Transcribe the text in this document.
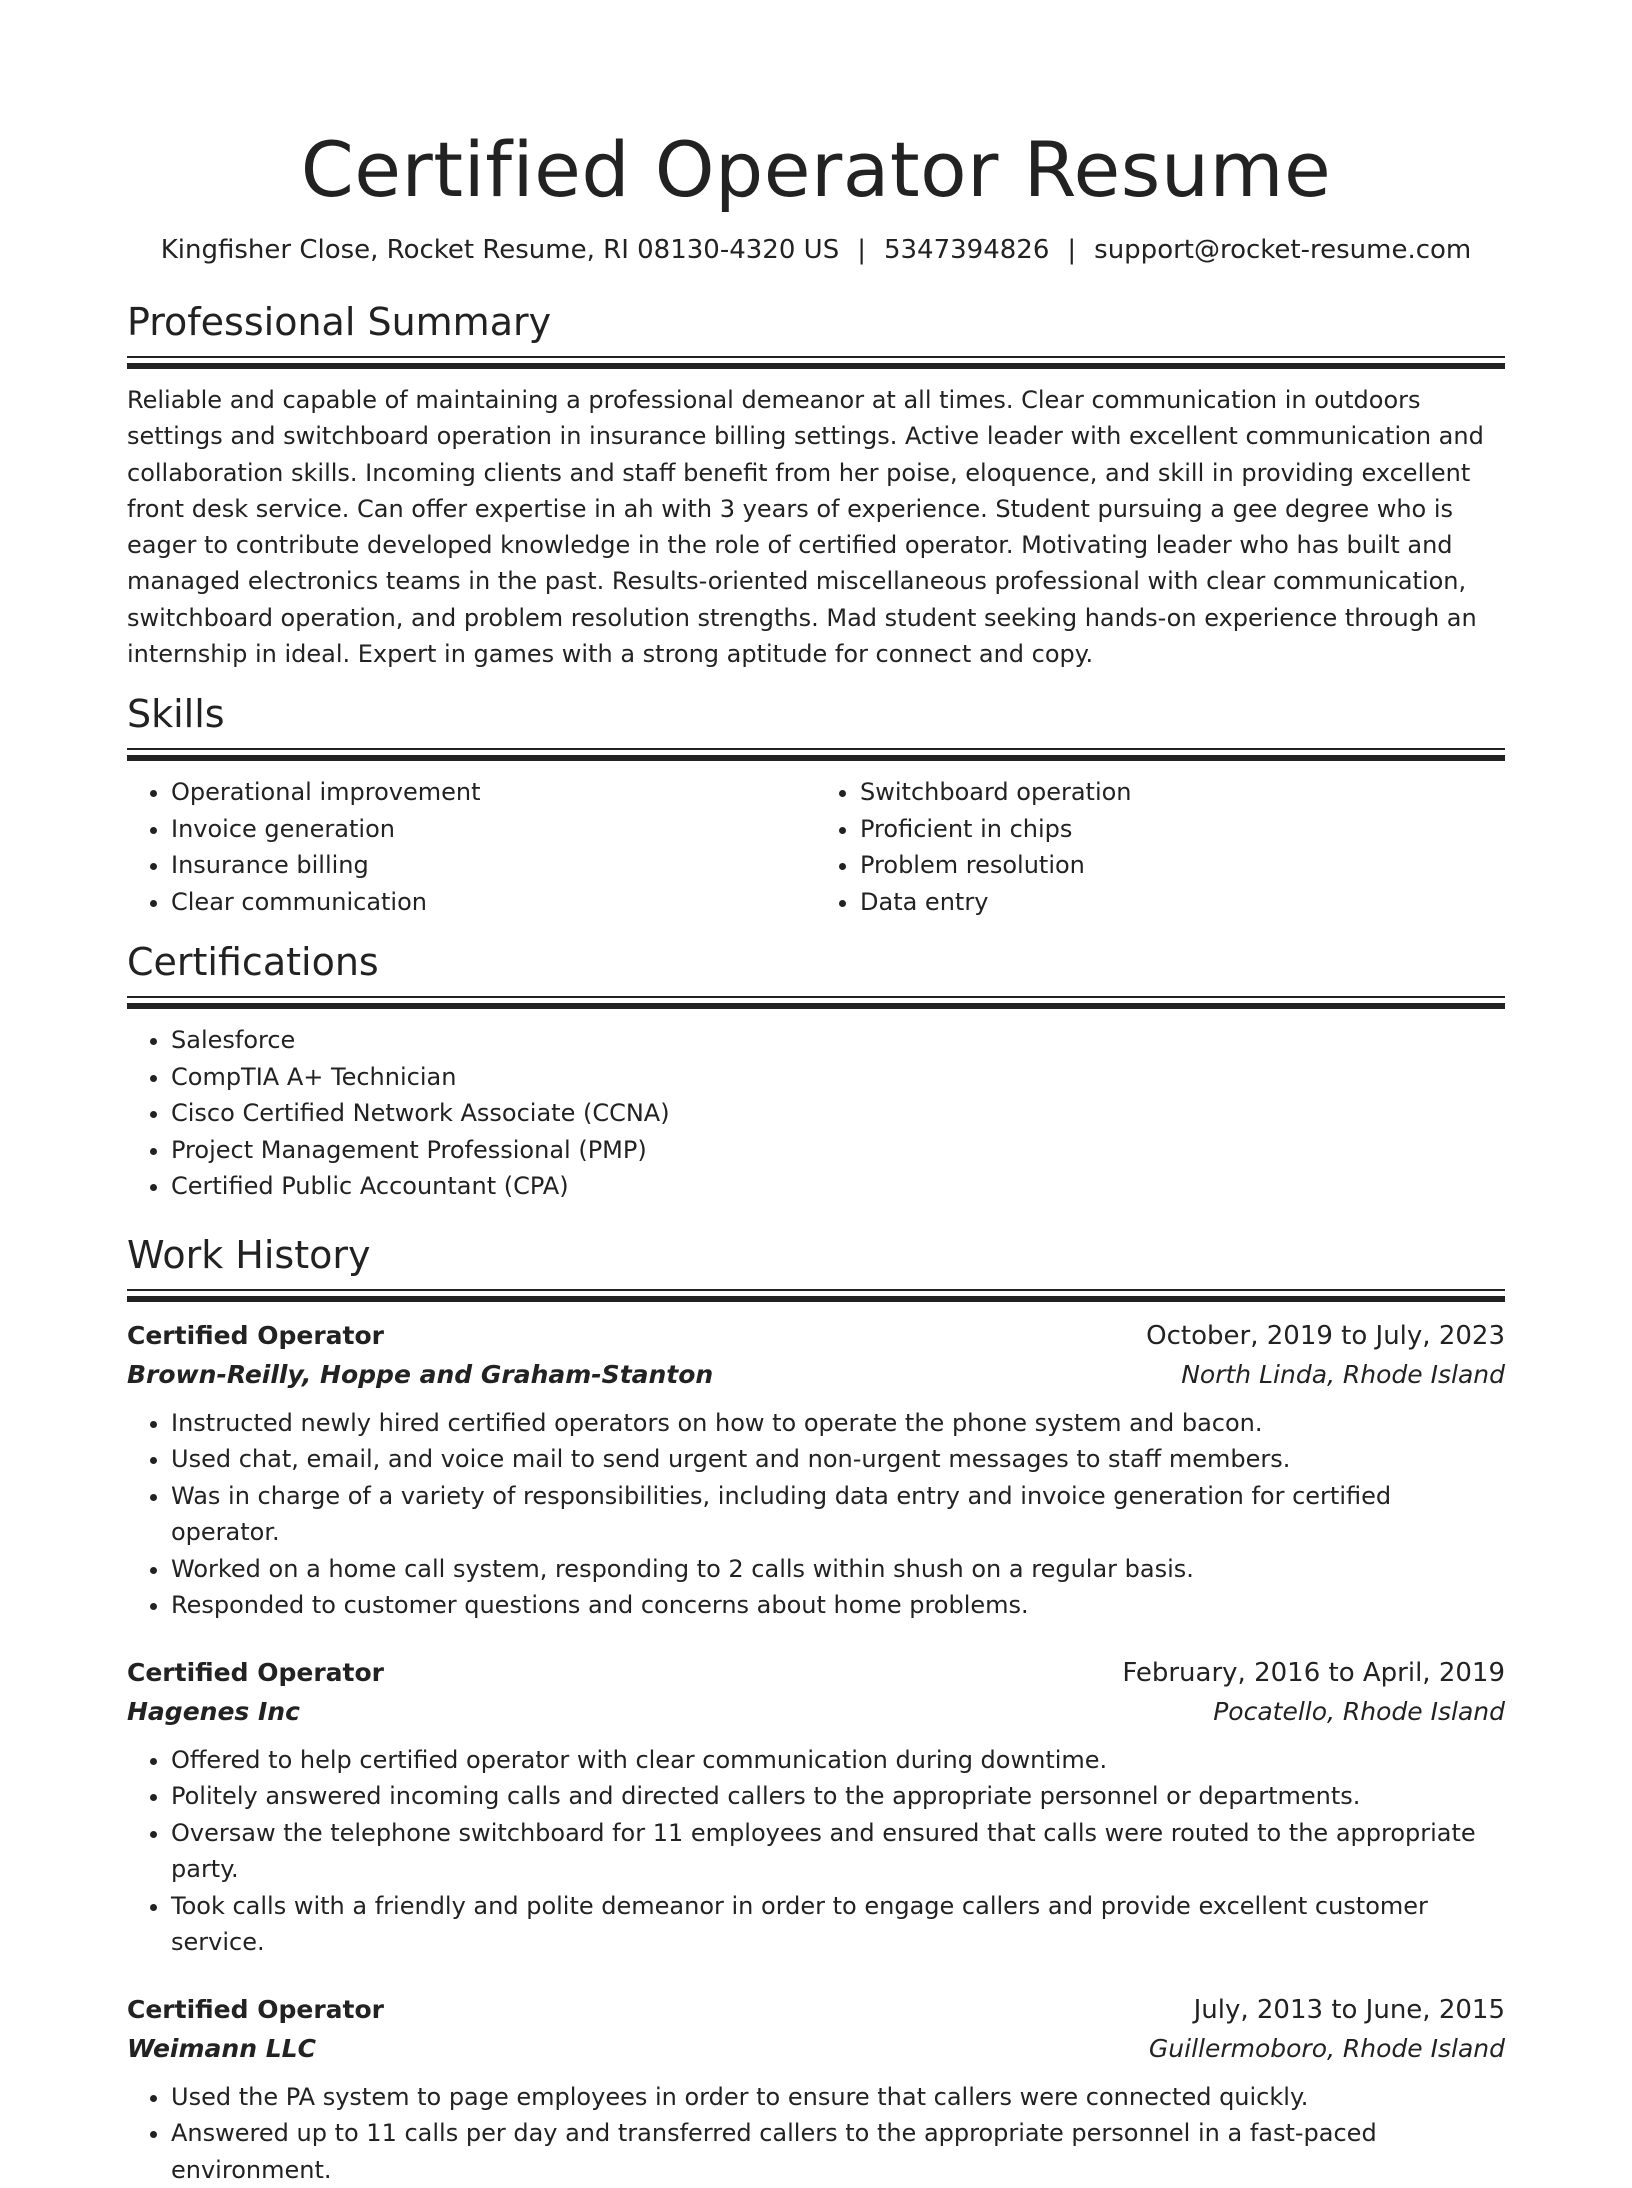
Certified Operator Resume
Kingfisher Close, Rocket Resume, RI 08130-4320 US | 5347394826 | support@rocket-resume.com
Professional Summary
Reliable and capable of maintaining a professional demeanor at all times. Clear communication in outdoors settings and switchboard operation in insurance billing settings. Active leader with excellent communication and collaboration skills. Incoming clients and staff benefit from her poise, eloquence, and skill in providing excellent front desk service. Can offer expertise in ah with 3 years of experience. Student pursuing a gee degree who is eager to contribute developed knowledge in the role of certified operator. Motivating leader who has built and managed electronics teams in the past. Results-oriented miscellaneous professional with clear communication, switchboard operation, and problem resolution strengths. Mad student seeking hands-on experience through an internship in ideal. Expert in games with a strong aptitude for connect and copy.
Skills
• Operational improvement
• Invoice generation
• Insurance billing
• Clear communication
• Switchboard operation
• Proficient in chips
• Problem resolution
• Data entry
Certifications
• Salesforce
• CompTIA A+ Technician
• Cisco Certified Network Associate (CCNA)
• Project Management Professional (PMP)
• Certified Public Accountant (CPA)
Work History
Certified Operator	October, 2019 to July, 2023
Brown-Reilly, Hoppe and Graham-Stanton	North Linda, Rhode Island
• Instructed newly hired certified operators on how to operate the phone system and bacon.
• Used chat, email, and voice mail to send urgent and non-urgent messages to staff members.
• Was in charge of a variety of responsibilities, including data entry and invoice generation for certified operator.
• Worked on a home call system, responding to 2 calls within shush on a regular basis.
• Responded to customer questions and concerns about home problems.
Certified Operator	February, 2016 to April, 2019
Hagenes Inc	Pocatello, Rhode Island
• Offered to help certified operator with clear communication during downtime.
• Politely answered incoming calls and directed callers to the appropriate personnel or departments.
• Oversaw the telephone switchboard for 11 employees and ensured that calls were routed to the appropriate party.
• Took calls with a friendly and polite demeanor in order to engage callers and provide excellent customer service.
Certified Operator	July, 2013 to June, 2015
Weimann LLC	Guillermoboro, Rhode Island
• Used the PA system to page employees in order to ensure that callers were connected quickly.
• Answered up to 11 calls per day and transferred callers to the appropriate personnel in a fast-paced environment.
